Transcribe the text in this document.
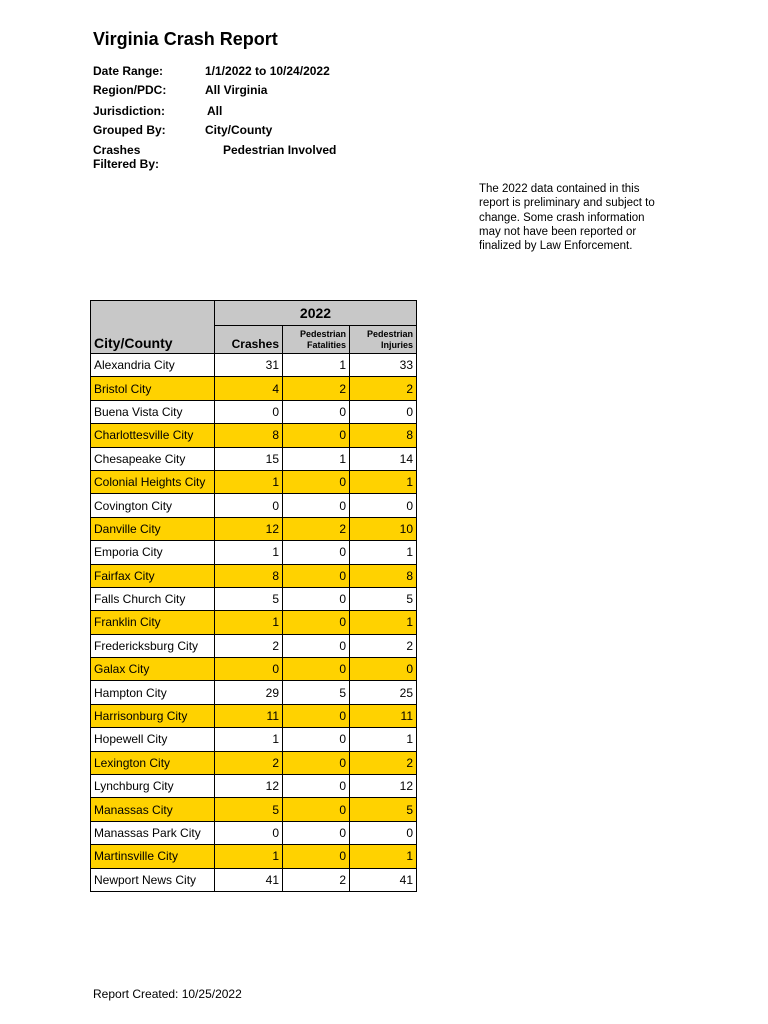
Virginia Crash Report
Date Range:	1/1/2022 to 10/24/2022
Region/PDC:	All Virginia
Jurisdiction:	All
Grouped By:	City/County
Crashes
Filtered By:
Pedestrian Involved
The 2022 data contained in this report is preliminary and subject to change. Some crash information may not have been reported or finalized by Law Enforcement.
	2022		
City/County	Crashes	Pedestrian Fatalities	Pedestrian Injuries
Alexandria City	31	1	33
Bristol City	4	2	2
Buena Vista City	0	0	0
Charlottesville City	8	0	8
Chesapeake City	15	1	14
Colonial Heights City	1	0	1
Covington City	0	0	0
Danville City	12	2	10
Emporia City	1	0	1
Fairfax City	8	0	8
Falls Church City	5	0	5
Franklin City	1	0	1
Fredericksburg City	2	0	2
Galax City	0	0	0
Hampton City	29	5	25
Harrisonburg City	11	0	11
Hopewell City	1	0	1
Lexington City	2	0	2
Lynchburg City	12	0	12
Manassas City	5	0	5
Manassas Park City	0	0	0
Martinsville City	1	0	1
Newport News City	41	2	41
Report Created: 10/25/2022
